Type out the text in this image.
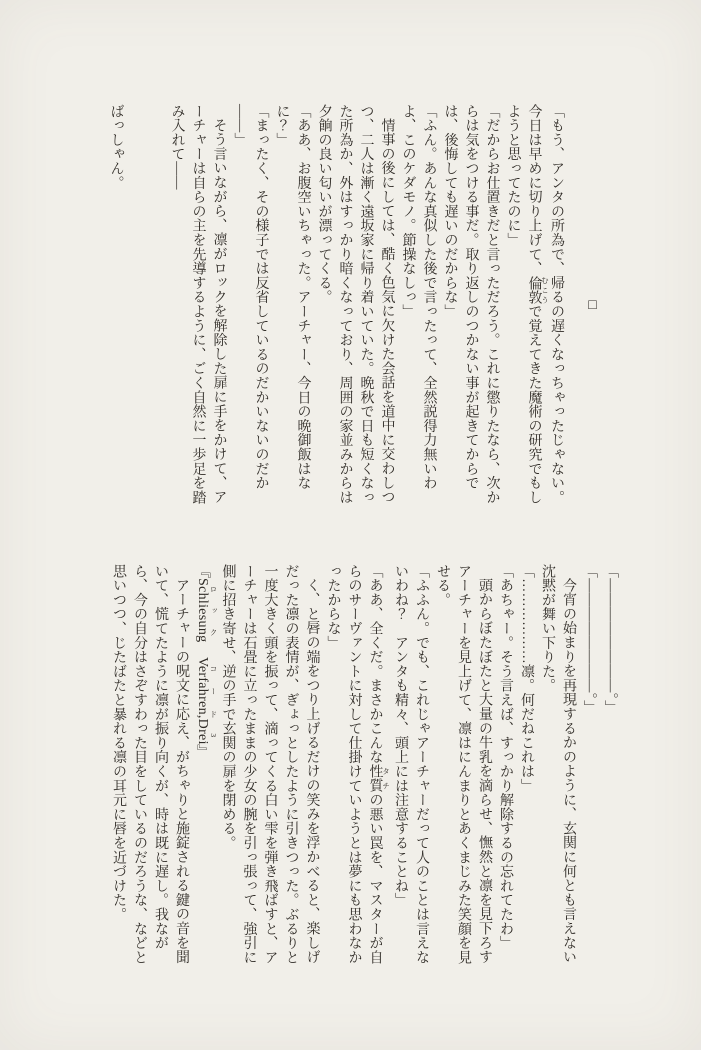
□

「もう、アンタの所為で、帰るの遅くなっちゃったじゃない。今日は早めに切り上げて、倫敦 むこうで覚えてきた魔術の研究でもしようと思ってたのに」

「だからお仕置きだと言っただろう。これに懲りたなら、次からは気をつける事だ。取り返しのつかない事が起きてからでは、後悔しても遅いのだからな」

「ふん。あんな真似した後で言ったって、全然説得力無いわよ、このケダモノ。節操なしっ」

情事の後にしては、酷く色気に欠けた会話を道中に交わしつつ、二人は漸く遠坂家に帰り着いていた。晩秋で日も短くなった所為か、外はすっかり暗くなっており、周囲の家並みからは夕餉の良い匂いが漂ってくる。

「ああ、お腹空いちゃった。アーチャー、今日の晩御飯はなに？」

「まったく、その様子では反省しているのだかいないのだか――」

そう言いながら、凛がロックを解除した扉に手をかけて、アーチャーは自らの主を先導するように、ごく自然に一歩足を踏み入れて――

ばっしゃん。

「――――――――。」

「――――――――。」

今宵の始まりを再現するかのように、玄関に何とも言えない沈黙が舞い下りた。

「………………凛。何だねこれは」

「あちゃー。そう言えば、すっかり解除するの忘れてたわ」

頭からぼたぼたと大量の牛乳を滴らせ、憮然と凛を見下ろすアーチャーを見上げて、凛はにんまりとあくまじみた笑顔を見せる。

「ふふん。でも、これじゃアーチャーだって人のことは言えないわね？　アンタも精々、頭上には注意することね」

「ああ、全くだ。まさかこんな性質 タチの悪い罠を、マスターが自らのサーヴァントに対して仕掛けていようとは夢にも思わなかったからな」

く、と唇の端をつり上げるだけの笑みを浮かべると、楽しげだった凛の表情が、ぎょっとしたように引きつった。ぶるりと一度大きく頭を振って、滴ってくる白い雫を弾き飛ばすと、アーチャーは石畳に立ったままの少女の腕を引っ張って、強引に側に招き寄せ、逆の手で玄関の扉を閉める。

『Schliesung ロック　Verfahren,Drei コード3』

アーチャーの呪文に応え、がちゃりと施錠される鍵の音を聞いて、慌てたように凛が振り向くが、時は既に遅し。我ながら、今の自分はさぞすわった目をしているのだろうな、などと思いつつ、じたばたと暴れる凛の耳元に唇を近づけた。
